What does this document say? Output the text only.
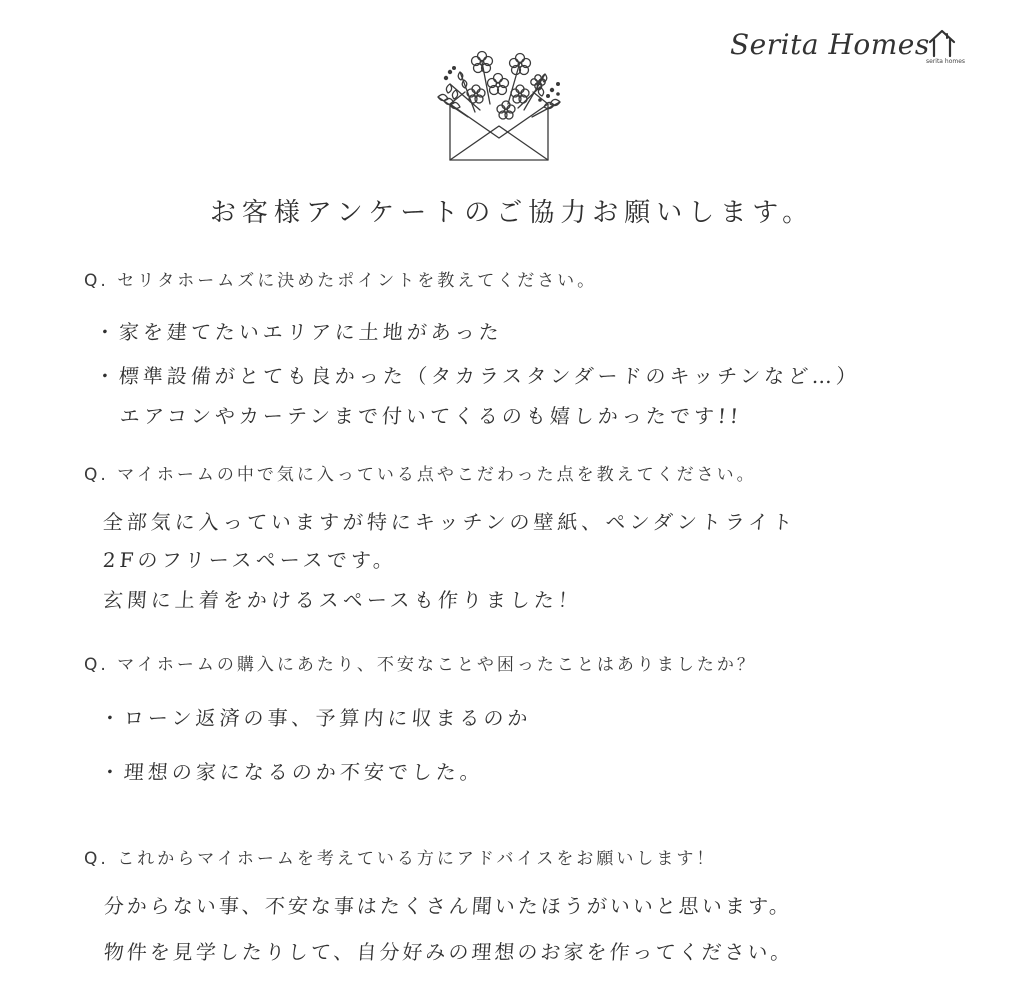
Serita Homes
serita homes
お客様アンケートのご協力お願いします。
Q. セリタホームズに決めたポイントを教えてください。
・家を建てたいエリアに土地があった
・標準設備がとても良かった（タカラスタンダードのキッチンなど…）
エアコンやカーテンまで付いてくるのも嬉しかったです!!
Q. マイホームの中で気に入っている点やこだわった点を教えてください。
全部気に入っていますが特にキッチンの壁紙、ペンダントライト
2Fのフリースペースです。
玄関に上着をかけるスペースも作りました！
Q. マイホームの購入にあたり、不安なことや困ったことはありましたか？
・ローン返済の事、予算内に収まるのか
・理想の家になるのか不安でした。
Q. これからマイホームを考えている方にアドバイスをお願いします！
分からない事、不安な事はたくさん聞いたほうがいいと思います。
物件を見学したりして、自分好みの理想のお家を作ってください。
